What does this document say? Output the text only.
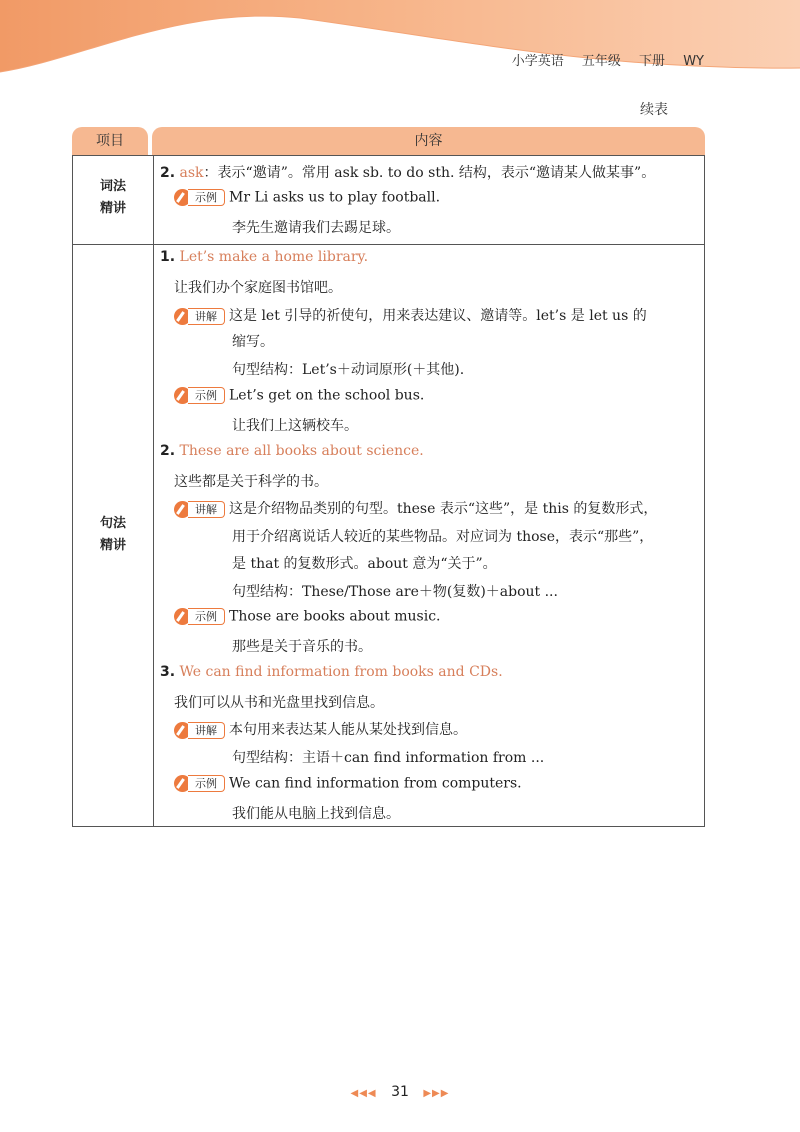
小学英语 五年级 下册 WY
续表
项目	内容
词法
精讲
句法
精讲
2. ask：表示“邀请”。常用 ask sb. to do sth. 结构，表示“邀请某人做某事”。
示例 Mr Li asks us to play football.
李先生邀请我们去踢足球。
1. Let’s make a home library.
让我们办个家庭图书馆吧。
讲解 这是 let 引导的祈使句，用来表达建议、邀请等。let’s 是 let us 的
缩写。
句型结构：Let’s＋动词原形(＋其他).
示例 Let’s get on the school bus.
让我们上这辆校车。
2. These are all books about science.
这些都是关于科学的书。
讲解 这是介绍物品类别的句型。these 表示“这些”，是 this 的复数形式，
用于介绍离说话人较近的某些物品。对应词为 those，表示“那些”，
是 that 的复数形式。about 意为“关于”。
句型结构：These/Those are＋物(复数)＋about ...
示例 Those are books about music.
那些是关于音乐的书。
3. We can find information from books and CDs.
我们可以从书和光盘里找到信息。
讲解 本句用来表达某人能从某处找到信息。
句型结构：主语＋can find information from ...
示例 We can find information from computers.
我们能从电脑上找到信息。
◀◀◀ 31 ▶▶▶
